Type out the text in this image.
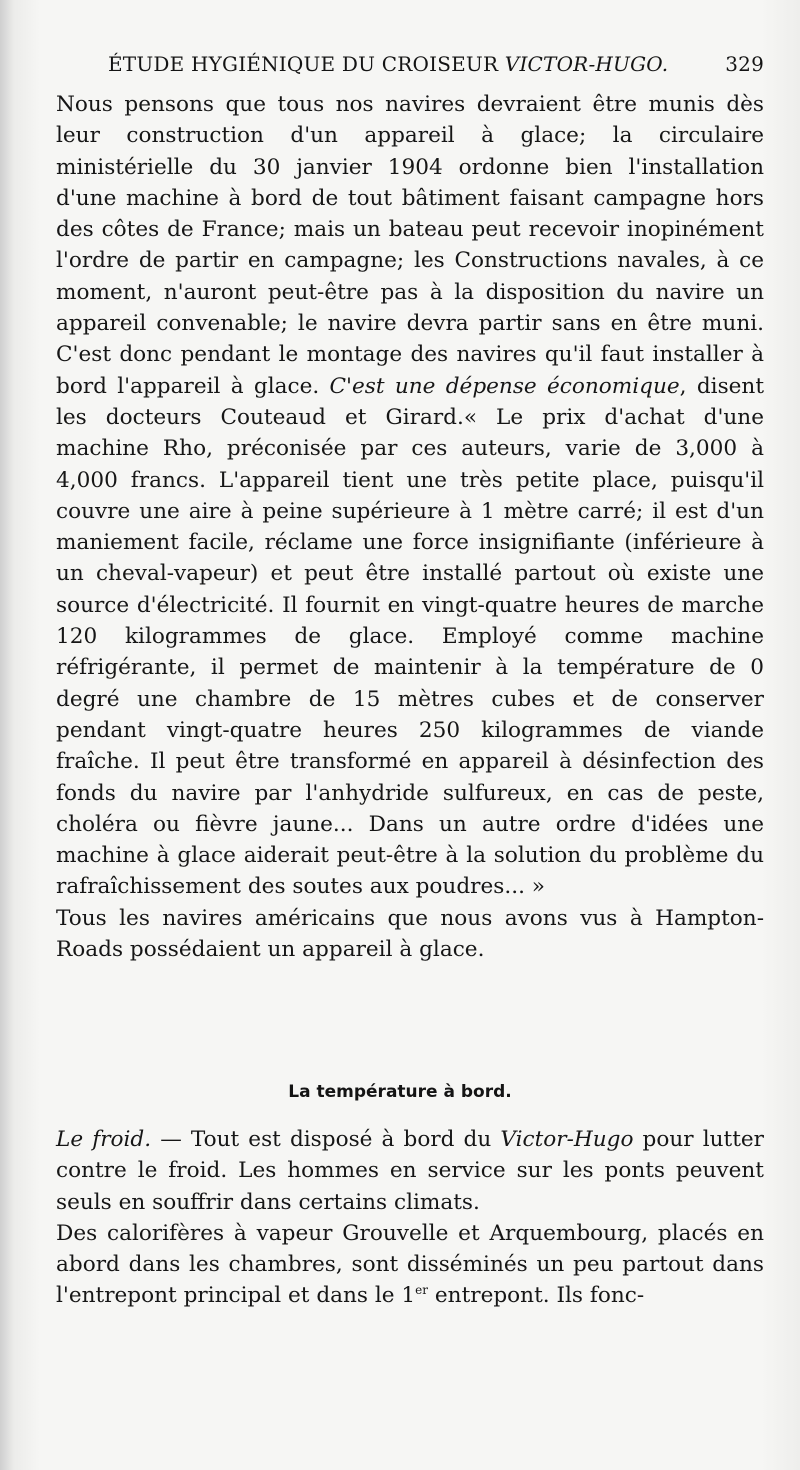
ÉTUDE HYGIÉNIQUE DU CROISEUR VICTOR-HUGO.	329

Nous pensons que tous nos navires devraient être munis dès leur construction d'un appareil à glace; la circulaire ministérielle du 30 janvier 1904 ordonne bien l'installation d'une machine à bord de tout bâtiment faisant campagne hors des côtes de France; mais un bateau peut recevoir inopinément l'ordre de partir en campagne; les Constructions navales, à ce moment, n'auront peut-être pas à la disposition du navire un appareil convenable; le navire devra partir sans en être muni. C'est donc pendant le montage des navires qu'il faut installer à bord l'appareil à glace. C'est une dépense économique, disent les docteurs Couteaud et Girard.« Le prix d'achat d'une machine Rho, préconisée par ces auteurs, varie de 3,000 à 4,000 francs. L'appareil tient une très petite place, puisqu'il couvre une aire à peine supérieure à 1 mètre carré; il est d'un maniement facile, réclame une force insignifiante (inférieure à un cheval-vapeur) et peut être installé partout où existe une source d'électricité. Il fournit en vingt-quatre heures de marche 120 kilogrammes de glace. Employé comme machine réfrigérante, il permet de maintenir à la température de 0 degré une chambre de 15 mètres cubes et de conserver pendant vingt-quatre heures 250 kilogrammes de viande fraîche. Il peut être transformé en appareil à désinfection des fonds du navire par l'anhydride sulfureux, en cas de peste, choléra ou fièvre jaune... Dans un autre ordre d'idées une machine à glace aiderait peut-être à la solution du problème du rafraîchissement des soutes aux poudres... »

Tous les navires américains que nous avons vus à Hampton-Roads possédaient un appareil à glace.

La température à bord.

Le froid. — Tout est disposé à bord du Victor-Hugo pour lutter contre le froid. Les hommes en service sur les ponts peuvent seuls en souffrir dans certains climats.

Des calorifères à vapeur Grouvelle et Arquembourg, placés en abord dans les chambres, sont disséminés un peu partout dans l'entrepont principal et dans le 1er entrepont. Ils fonc-
